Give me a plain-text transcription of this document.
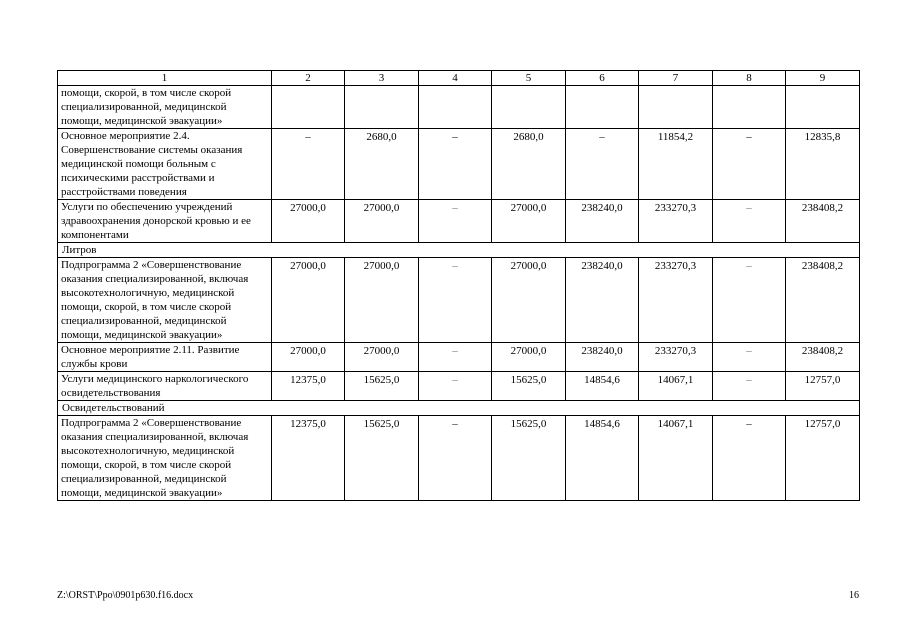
1	2	3	4	5	6	7	8	9
помощи, скорой, в том числе скорой специализированной, медицинской помощи, медицинской эвакуации»								
Основное мероприятие 2.4. Совершенствование системы оказания медицинской помощи больным с психическими расстройствами и расстройствами поведения	–	2680,0	–	2680,0	–	11854,2	–	12835,8
Услуги по обеспечению учреждений здравоохранения донорской кровью и ее компонентами	27000,0	27000,0	–	27000,0	238240,0	233270,3	–	238408,2
Литров								
Подпрограмма 2 «Совершенствование оказания специализированной, включая высокотехнологичную, медицинской помощи, скорой, в том числе скорой специализированной, медицинской помощи, медицинской эвакуации»	27000,0	27000,0	–	27000,0	238240,0	233270,3	–	238408,2
Основное мероприятие 2.11. Развитие службы крови	27000,0	27000,0	–	27000,0	238240,0	233270,3	–	238408,2
Услуги медицинского наркологического освидетельствования	12375,0	15625,0	–	15625,0	14854,6	14067,1	–	12757,0
Освидетельствований								
Подпрограмма 2 «Совершенствование оказания специализированной, включая высокотехнологичную, медицинской помощи, скорой, в том числе скорой специализированной, медицинской помощи, медицинской эвакуации»	12375,0	15625,0	–	15625,0	14854,6	14067,1	–	12757,0
Z:\ORST\Ppo\0901p630.f16.docx	16
